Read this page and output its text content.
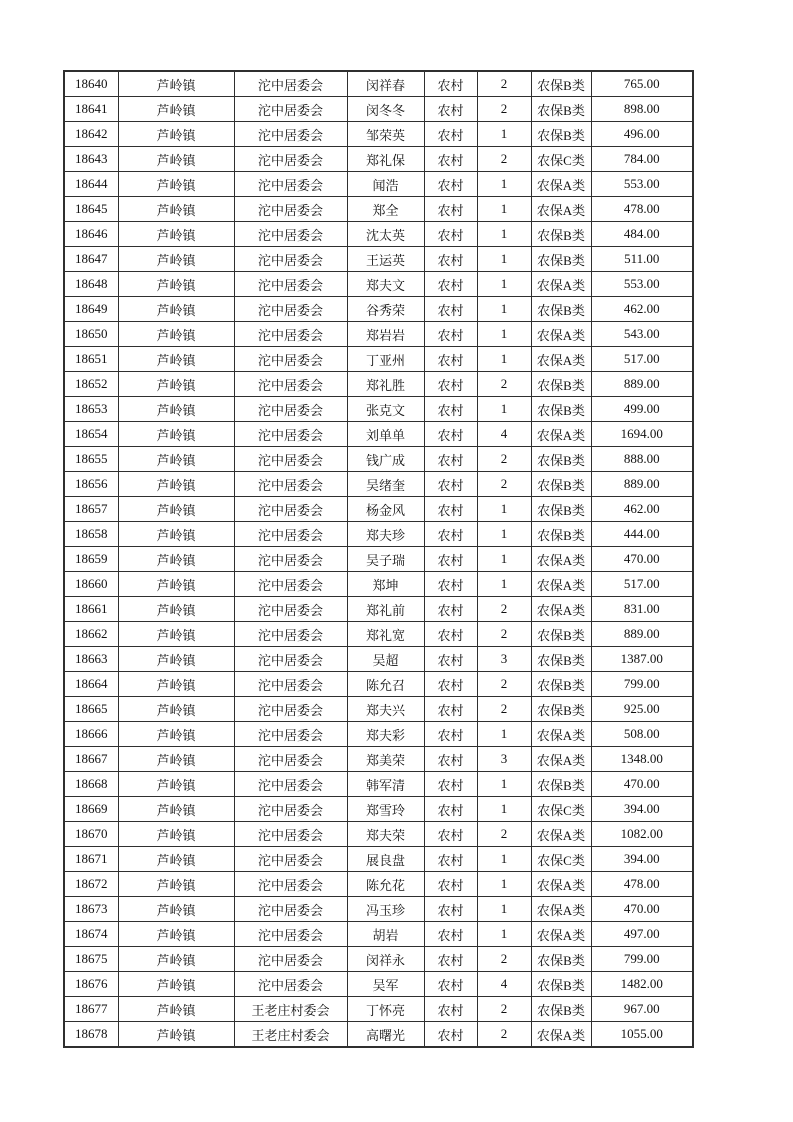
18640	芦岭镇	沱中居委会	闵祥春	农村	2	农保B类	765.00
18641	芦岭镇	沱中居委会	闵冬冬	农村	2	农保B类	898.00
18642	芦岭镇	沱中居委会	邹荣英	农村	1	农保B类	496.00
18643	芦岭镇	沱中居委会	郑礼保	农村	2	农保C类	784.00
18644	芦岭镇	沱中居委会	闻浩	农村	1	农保A类	553.00
18645	芦岭镇	沱中居委会	郑全	农村	1	农保A类	478.00
18646	芦岭镇	沱中居委会	沈太英	农村	1	农保B类	484.00
18647	芦岭镇	沱中居委会	王运英	农村	1	农保B类	511.00
18648	芦岭镇	沱中居委会	郑夫文	农村	1	农保A类	553.00
18649	芦岭镇	沱中居委会	谷秀荣	农村	1	农保B类	462.00
18650	芦岭镇	沱中居委会	郑岩岩	农村	1	农保A类	543.00
18651	芦岭镇	沱中居委会	丁亚州	农村	1	农保A类	517.00
18652	芦岭镇	沱中居委会	郑礼胜	农村	2	农保B类	889.00
18653	芦岭镇	沱中居委会	张克文	农村	1	农保B类	499.00
18654	芦岭镇	沱中居委会	刘单单	农村	4	农保A类	1694.00
18655	芦岭镇	沱中居委会	钱广成	农村	2	农保B类	888.00
18656	芦岭镇	沱中居委会	吴绪奎	农村	2	农保B类	889.00
18657	芦岭镇	沱中居委会	杨金风	农村	1	农保B类	462.00
18658	芦岭镇	沱中居委会	郑夫珍	农村	1	农保B类	444.00
18659	芦岭镇	沱中居委会	吴子瑞	农村	1	农保A类	470.00
18660	芦岭镇	沱中居委会	郑坤	农村	1	农保A类	517.00
18661	芦岭镇	沱中居委会	郑礼前	农村	2	农保A类	831.00
18662	芦岭镇	沱中居委会	郑礼宽	农村	2	农保B类	889.00
18663	芦岭镇	沱中居委会	吴超	农村	3	农保B类	1387.00
18664	芦岭镇	沱中居委会	陈允召	农村	2	农保B类	799.00
18665	芦岭镇	沱中居委会	郑夫兴	农村	2	农保B类	925.00
18666	芦岭镇	沱中居委会	郑夫彩	农村	1	农保A类	508.00
18667	芦岭镇	沱中居委会	郑美荣	农村	3	农保A类	1348.00
18668	芦岭镇	沱中居委会	韩军清	农村	1	农保B类	470.00
18669	芦岭镇	沱中居委会	郑雪玲	农村	1	农保C类	394.00
18670	芦岭镇	沱中居委会	郑夫荣	农村	2	农保A类	1082.00
18671	芦岭镇	沱中居委会	展良盘	农村	1	农保C类	394.00
18672	芦岭镇	沱中居委会	陈允花	农村	1	农保A类	478.00
18673	芦岭镇	沱中居委会	冯玉珍	农村	1	农保A类	470.00
18674	芦岭镇	沱中居委会	胡岩	农村	1	农保A类	497.00
18675	芦岭镇	沱中居委会	闵祥永	农村	2	农保B类	799.00
18676	芦岭镇	沱中居委会	吴军	农村	4	农保B类	1482.00
18677	芦岭镇	王老庄村委会	丁怀亮	农村	2	农保B类	967.00
18678	芦岭镇	王老庄村委会	高曙光	农村	2	农保A类	1055.00
